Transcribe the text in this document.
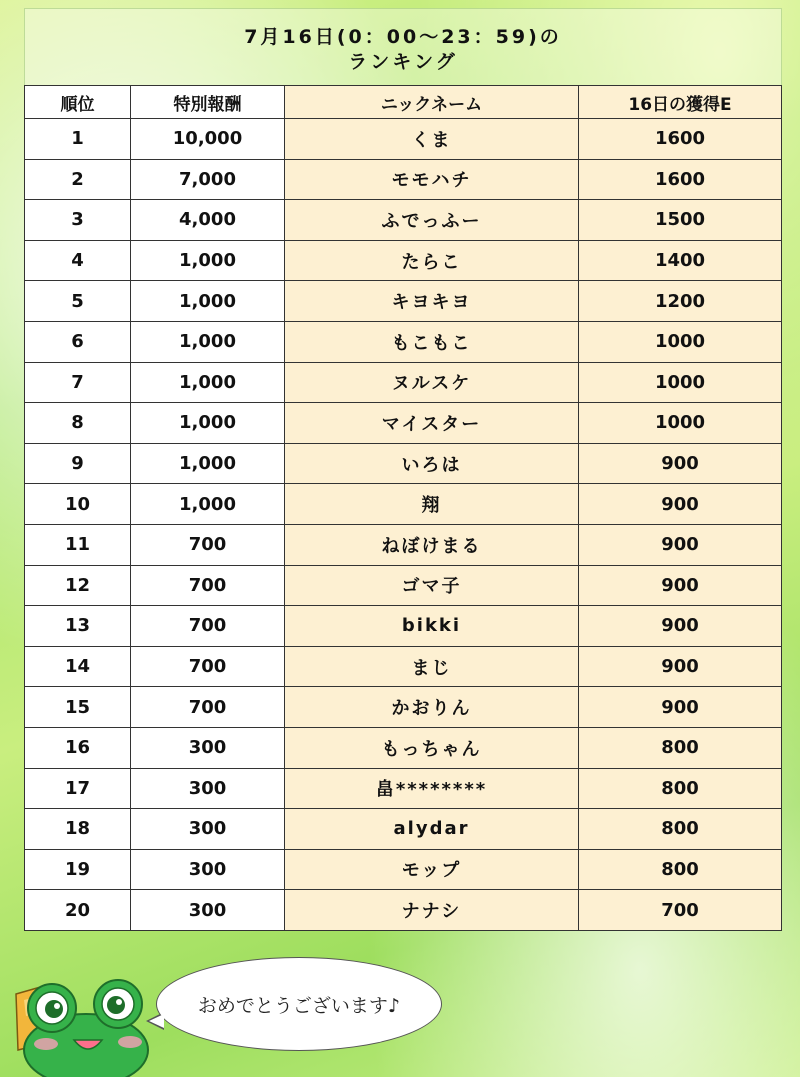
7月16日(0：00～23：59)の
ランキング
順位	特別報酬	ニックネーム	16日の獲得E
1	10,000	くま	1600
2	7,000	モモハチ	1600
3	4,000	ふでっふー	1500
4	1,000	たらこ	1400
5	1,000	キヨキヨ	1200
6	1,000	もこもこ	1000
7	1,000	ヌルスケ	1000
8	1,000	マイスター	1000
9	1,000	いろは	900
10	1,000	翔	900
11	700	ねぼけまる	900
12	700	ゴマ子	900
13	700	bikki	900
14	700	まじ	900
15	700	かおりん	900
16	300	もっちゃん	800
17	300	畠********	800
18	300	alydar	800
19	300	モップ	800
20	300	ナナシ	700
おめでとうございます♪
